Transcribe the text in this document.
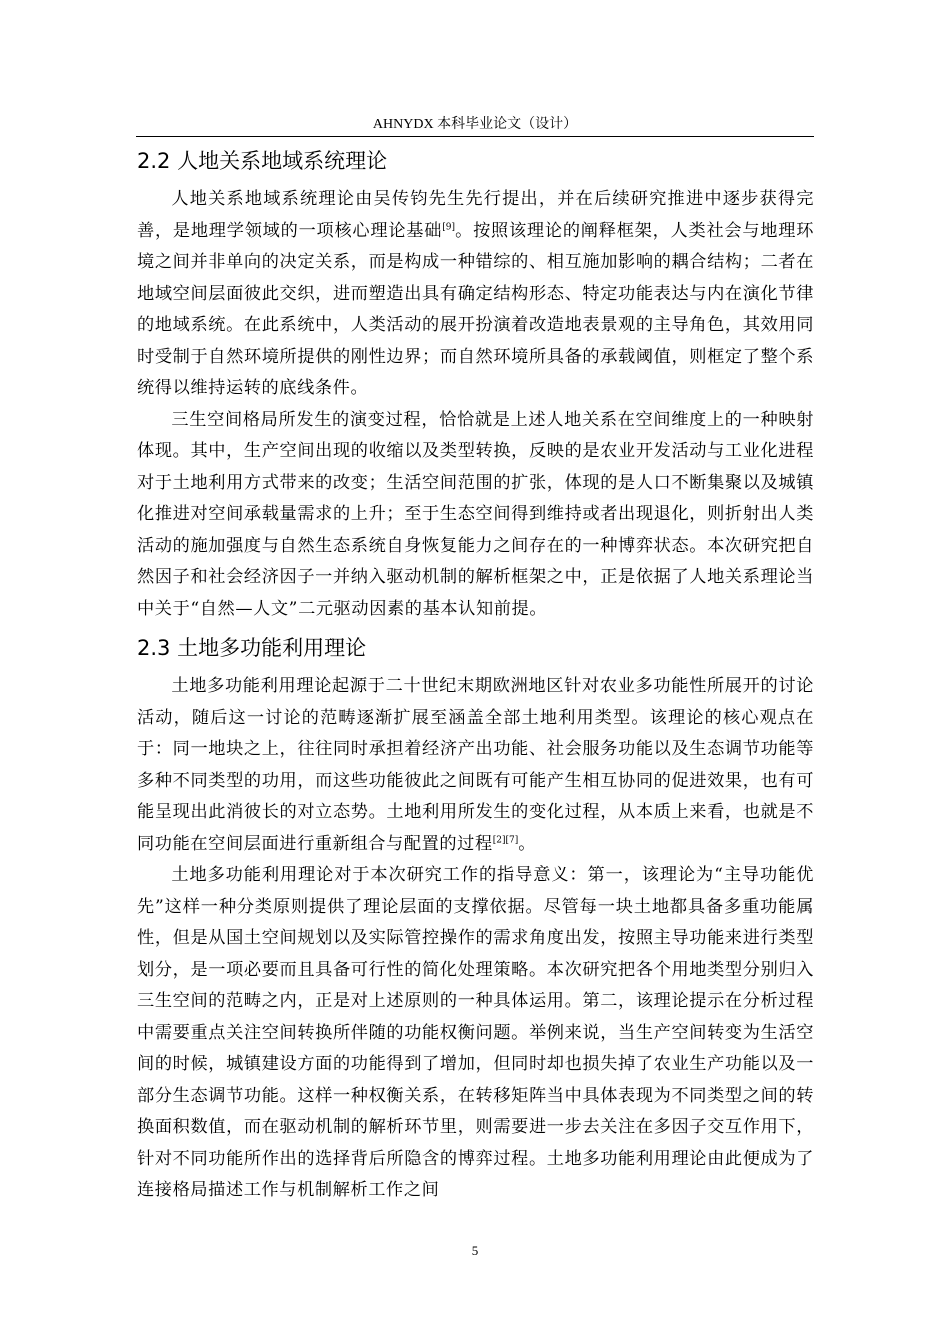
AHNYDX 本科毕业论文（设计）
2.2 人地关系地域系统理论

人地关系地域系统理论由吴传钧先生先行提出，并在后续研究推进中逐步获得完善，是地理学领域的一项核心理论基础[9]。按照该理论的阐释框架，人类社会与地理环境之间并非单向的决定关系，而是构成一种错综的、相互施加影响的耦合结构；二者在地域空间层面彼此交织，进而塑造出具有确定结构形态、特定功能表达与内在演化节律的地域系统。在此系统中，人类活动的展开扮演着改造地表景观的主导角色，其效用同时受制于自然环境所提供的刚性边界；而自然环境所具备的承载阈值，则框定了整个系统得以维持运转的底线条件。

三生空间格局所发生的演变过程，恰恰就是上述人地关系在空间维度上的一种映射体现。其中，生产空间出现的收缩以及类型转换，反映的是农业开发活动与工业化进程对于土地利用方式带来的改变；生活空间范围的扩张，体现的是人口不断集聚以及城镇化推进对空间承载量需求的上升；至于生态空间得到维持或者出现退化，则折射出人类活动的施加强度与自然生态系统自身恢复能力之间存在的一种博弈状态。本次研究把自然因子和社会经济因子一并纳入驱动机制的解析框架之中，正是依据了人地关系理论当中关于“自然—人文”二元驱动因素的基本认知前提。

2.3 土地多功能利用理论

土地多功能利用理论起源于二十世纪末期欧洲地区针对农业多功能性所展开的讨论活动，随后这一讨论的范畴逐渐扩展至涵盖全部土地利用类型。该理论的核心观点在于：同一地块之上，往往同时承担着经济产出功能、社会服务功能以及生态调节功能等多种不同类型的功用，而这些功能彼此之间既有可能产生相互协同的促进效果，也有可能呈现出此消彼长的对立态势。土地利用所发生的变化过程，从本质上来看，也就是不同功能在空间层面进行重新组合与配置的过程[2][7]。

土地多功能利用理论对于本次研究工作的指导意义：第一，该理论为“主导功能优先”这样一种分类原则提供了理论层面的支撑依据。尽管每一块土地都具备多重功能属性，但是从国土空间规划以及实际管控操作的需求角度出发，按照主导功能来进行类型划分，是一项必要而且具备可行性的简化处理策略。本次研究把各个用地类型分别归入三生空间的范畴之内，正是对上述原则的一种具体运用。第二，该理论提示在分析过程中需要重点关注空间转换所伴随的功能权衡问题。举例来说，当生产空间转变为生活空间的时候，城镇建设方面的功能得到了增加，但同时却也损失掉了农业生产功能以及一部分生态调节功能。这样一种权衡关系，在转移矩阵当中具体表现为不同类型之间的转换面积数值，而在驱动机制的解析环节里，则需要进一步去关注在多因子交互作用下，针对不同功能所作出的选择背后所隐含的博弈过程。土地多功能利用理论由此便成为了连接格局描述工作与机制解析工作之间

5
